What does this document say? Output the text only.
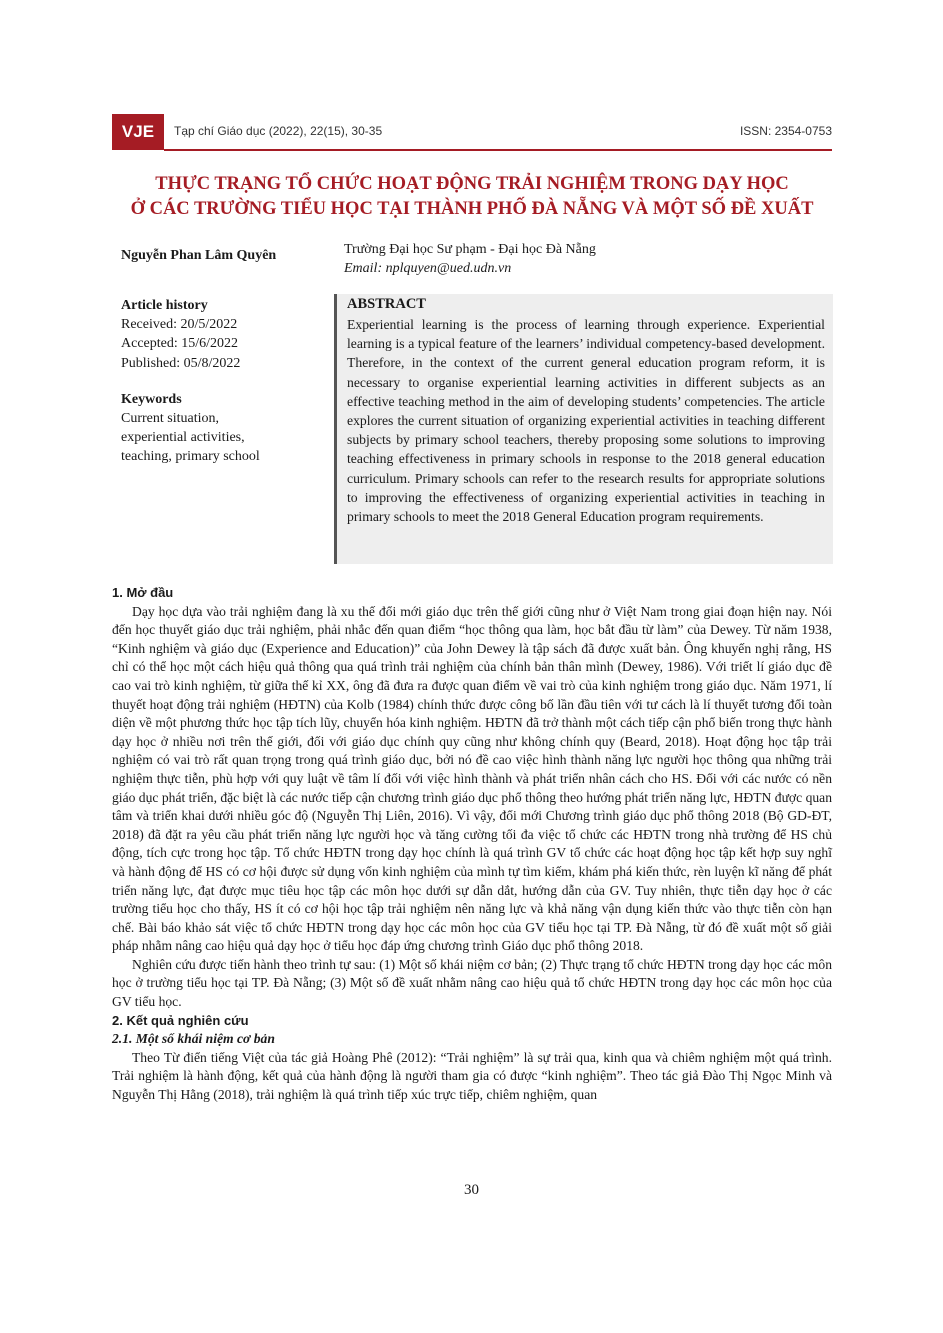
VJE	Tạp chí Giáo dục (2022), 22(15), 30-35	ISSN: 2354-0753
THỰC TRẠNG TỔ CHỨC HOẠT ĐỘNG TRẢI NGHIỆM TRONG DẠY HỌC
Ở CÁC TRƯỜNG TIỂU HỌC TẠI THÀNH PHỐ ĐÀ NẴNG VÀ MỘT SỐ ĐỀ XUẤT
Nguyễn Phan Lâm Quyên	Trường Đại học Sư phạm - Đại học Đà Nẵng
Email: nplquyen@ued.udn.vn
Article history
Received: 20/5/2022
Accepted: 15/6/2022
Published: 05/8/2022
Keywords
Current situation,
experiential activities,
teaching, primary school
ABSTRACT
Experiential learning is the process of learning through experience. Experiential learning is a typical feature of the learners’ individual competency-based development. Therefore, in the context of the current general education program reform, it is necessary to organise experiential learning activities in different subjects as an effective teaching method in the aim of developing students’ competencies. The article explores the current situation of organizing experiential activities in teaching different subjects by primary school teachers, thereby proposing some solutions to improving teaching effectiveness in primary schools in response to the 2018 general education curriculum. Primary schools can refer to the research results for appropriate solutions to improving the effectiveness of organizing experiential activities in teaching in primary schools to meet the 2018 General Education program requirements.
1. Mở đầu
Dạy học dựa vào trải nghiệm đang là xu thế đổi mới giáo dục trên thế giới cũng như ở Việt Nam trong giai đoạn hiện nay. Nói đến học thuyết giáo dục trải nghiệm, phải nhắc đến quan điểm “học thông qua làm, học bắt đầu từ làm” của Dewey. Từ năm 1938, “Kinh nghiệm và giáo dục (Experience and Education)” của John Dewey là tập sách đã được xuất bản. Ông khuyến nghị rằng, HS chỉ có thể học một cách hiệu quả thông qua quá trình trải nghiệm của chính bản thân mình (Dewey, 1986). Với triết lí giáo dục đề cao vai trò kinh nghiệm, từ giữa thế kỉ XX, ông đã đưa ra được quan điểm về vai trò của kinh nghiệm trong giáo dục. Năm 1971, lí thuyết hoạt động trải nghiệm (HĐTN) của Kolb (1984) chính thức được công bố lần đầu tiên với tư cách là lí thuyết tương đối toàn diện về một phương thức học tập tích lũy, chuyển hóa kinh nghiệm. HĐTN đã trở thành một cách tiếp cận phổ biến trong thực hành dạy học ở nhiều nơi trên thế giới, đối với giáo dục chính quy cũng như không chính quy (Beard, 2018). Hoạt động học tập trải nghiệm có vai trò rất quan trọng trong quá trình giáo dục, bởi nó đề cao việc hình thành năng lực người học thông qua những trải nghiệm thực tiễn, phù hợp với quy luật về tâm lí đối với việc hình thành và phát triển nhân cách cho HS. Đối với các nước có nền giáo dục phát triển, đặc biệt là các nước tiếp cận chương trình giáo dục phổ thông theo hướng phát triển năng lực, HĐTN được quan tâm và triển khai dưới nhiều góc độ (Nguyễn Thị Liên, 2016). Vì vậy, đổi mới Chương trình giáo dục phổ thông 2018 (Bộ GD-ĐT, 2018) đã đặt ra yêu cầu phát triển năng lực người học và tăng cường tối đa việc tổ chức các HĐTN trong nhà trường để HS chủ động, tích cực trong học tập. Tổ chức HĐTN trong dạy học chính là quá trình GV tổ chức các hoạt động học tập kết hợp suy nghĩ và hành động để HS có cơ hội được sử dụng vốn kinh nghiệm của mình tự tìm kiếm, khám phá kiến thức, rèn luyện kĩ năng để phát triển năng lực, đạt được mục tiêu học tập các môn học dưới sự dẫn dắt, hướng dẫn của GV. Tuy nhiên, thực tiễn dạy học ở các trường tiểu học cho thấy, HS ít có cơ hội học tập trải nghiệm nên năng lực và khả năng vận dụng kiến thức vào thực tiễn còn hạn chế. Bài báo khảo sát việc tổ chức HĐTN trong dạy học các môn học của GV tiểu học tại TP. Đà Nẵng, từ đó đề xuất một số giải pháp nhằm nâng cao hiệu quả dạy học ở tiểu học đáp ứng chương trình Giáo dục phổ thông 2018.
Nghiên cứu được tiến hành theo trình tự sau: (1) Một số khái niệm cơ bản; (2) Thực trạng tổ chức HĐTN trong dạy học các môn học ở trường tiểu học tại TP. Đà Nẵng; (3) Một số đề xuất nhằm nâng cao hiệu quả tổ chức HĐTN trong dạy học các môn học của GV tiểu học.
2. Kết quả nghiên cứu
2.1. Một số khái niệm cơ bản
Theo Từ điển tiếng Việt của tác giả Hoàng Phê (2012): “Trải nghiệm” là sự trải qua, kinh qua và chiêm nghiệm một quá trình. Trải nghiệm là hành động, kết quả của hành động là người tham gia có được “kinh nghiệm”. Theo tác giả Đào Thị Ngọc Minh và Nguyễn Thị Hằng (2018), trải nghiệm là quá trình tiếp xúc trực tiếp, chiêm nghiệm, quan
30
